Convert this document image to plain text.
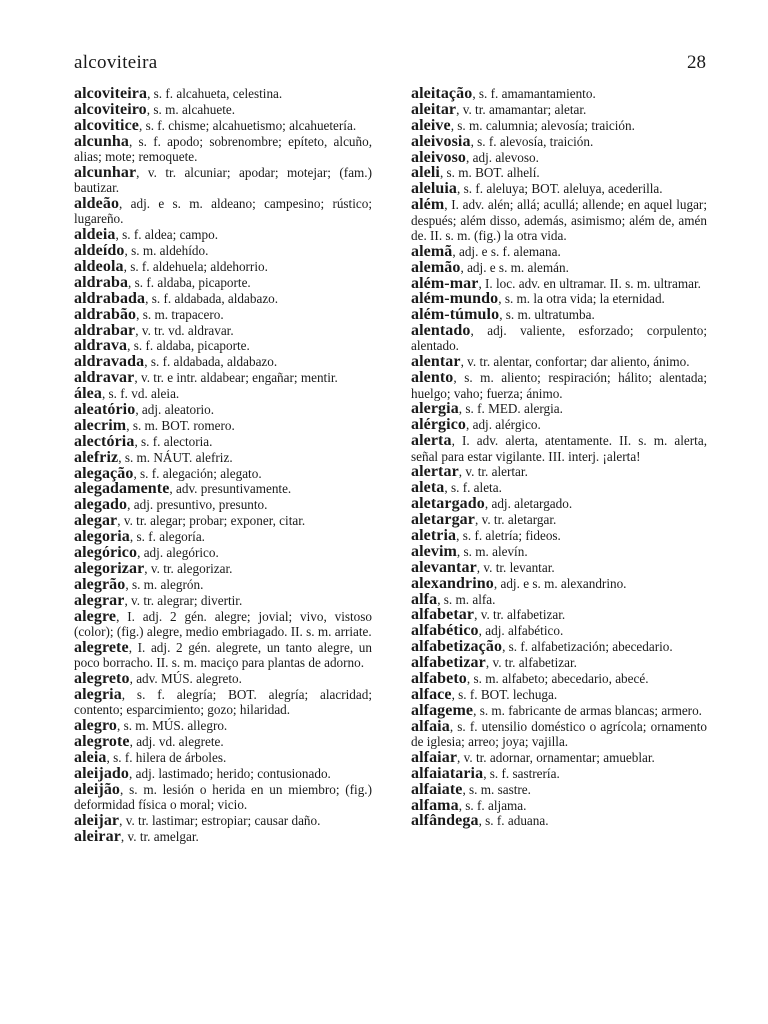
alcoviteira	28

alcoviteira, s. f. alcahueta, celestina.

alcoviteiro, s. m. alcahuete.

alcovitice, s. f. chisme; alcahuetismo; alcahuetería.

alcunha, s. f. apodo; sobrenombre; epíteto, alcuño, alias; mote; remoquete.

alcunhar, v. tr. alcuniar; apodar; motejar; (fam.) bautizar.

aldeão, adj. e s. m. aldeano; campesino; rústico; lugareño.

aldeia, s. f. aldea; campo.

aldeído, s. m. aldehído.

aldeola, s. f. aldehuela; aldehorrio.

aldraba, s. f. aldaba, picaporte.

aldrabada, s. f. aldabada, aldabazo.

aldrabão, s. m. trapacero.

aldrabar, v. tr. vd. aldravar.

aldrava, s. f. aldaba, picaporte.

aldravada, s. f. aldabada, aldabazo.

aldravar, v. tr. e intr. aldabear; engañar; mentir.

álea, s. f. vd. aleia.

aleatório, adj. aleatorio.

alecrim, s. m. BOT. romero.

alectória, s. f. alectoria.

alefriz, s. m. NÁUT. alefriz.

alegação, s. f. alegación; alegato.

alegadamente, adv. presuntivamente.

alegado, adj. presuntivo, presunto.

alegar, v. tr. alegar; probar; exponer, citar.

alegoria, s. f. alegoría.

alegórico, adj. alegórico.

alegorizar, v. tr. alegorizar.

alegrão, s. m. alegrón.

alegrar, v. tr. alegrar; divertir.

alegre, I. adj. 2 gén. alegre; jovial; vivo, vistoso (color); (fig.) alegre, medio embriagado. II. s. m. arriate.

alegrete, I. adj. 2 gén. alegrete, un tanto alegre, un poco borracho. II. s. m. maciço para plantas de adorno.

alegreto, adv. MÚS. alegreto.

alegria, s. f. alegría; BOT. alegría; alacridad; contento; esparcimiento; gozo; hilaridad.

alegro, s. m. MÚS. allegro.

alegrote, adj. vd. alegrete.

aleia, s. f. hilera de árboles.

aleijado, adj. lastimado; herido; contusionado.

aleijão, s. m. lesión o herida en un miembro; (fig.) deformidad física o moral; vicio.

aleijar, v. tr. lastimar; estropiar; causar daño.

aleirar, v. tr. amelgar.

aleitação, s. f. amamantamiento.

aleitar, v. tr. amamantar; aletar.

aleive, s. m. calumnia; alevosía; traición.

aleivosia, s. f. alevosía, traición.

aleivoso, adj. alevoso.

aleli, s. m. BOT. alhelí.

aleluia, s. f. aleluya; BOT. aleluya, acederilla.

além, I. adv. alén; allá; acullá; allende; en aquel lugar; después; além disso, además, asimismo; além de, amén de. II. s. m. (fig.) la otra vida.

alemã, adj. e s. f. alemana.

alemão, adj. e s. m. alemán.

além-mar, I. loc. adv. en ultramar. II. s. m. ultramar.

além-mundo, s. m. la otra vida; la eternidad.

além-túmulo, s. m. ultratumba.

alentado, adj. valiente, esforzado; corpulento; alentado.

alentar, v. tr. alentar, confortar; dar aliento, ánimo.

alento, s. m. aliento; respiración; hálito; alentada; huelgo; vaho; fuerza; ánimo.

alergia, s. f. MED. alergia.

alérgico, adj. alérgico.

alerta, I. adv. alerta, atentamente. II. s. m. alerta, señal para estar vigilante. III. interj. ¡alerta!

alertar, v. tr. alertar.

aleta, s. f. aleta.

aletargado, adj. aletargado.

aletargar, v. tr. aletargar.

aletria, s. f. aletría; fideos.

alevim, s. m. alevín.

alevantar, v. tr. levantar.

alexandrino, adj. e s. m. alexandrino.

alfa, s. m. alfa.

alfabetar, v. tr. alfabetizar.

alfabético, adj. alfabético.

alfabetização, s. f. alfabetización; abecedario.

alfabetizar, v. tr. alfabetizar.

alfabeto, s. m. alfabeto; abecedario, abecé.

alface, s. f. BOT. lechuga.

alfageme, s. m. fabricante de armas blancas; armero.

alfaia, s. f. utensilio doméstico o agrícola; ornamento de iglesia; arreo; joya; vajilla.

alfaiar, v. tr. adornar, ornamentar; amueblar.

alfaiataria, s. f. sastrería.

alfaiate, s. m. sastre.

alfama, s. f. aljama.

alfândega, s. f. aduana.
